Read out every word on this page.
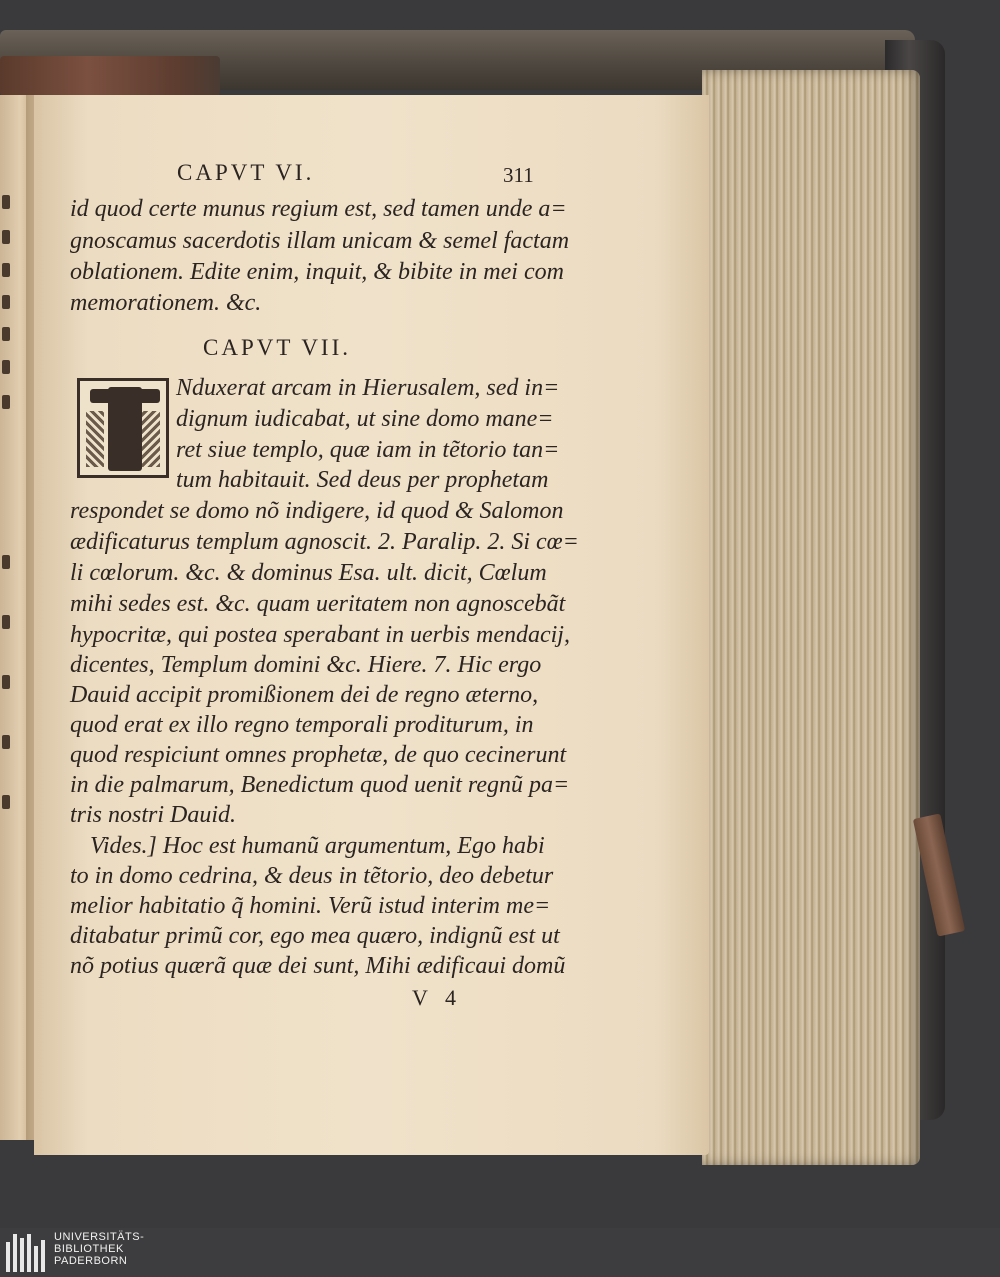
CAPVT VI.	311
id quod certe munus regium est, sed tamen unde a=
gnoscamus sacerdotis illam unicam & semel factam
oblationem. Edite enim, inquit, & bibite in mei com
memorationem. &c.
CAPVT VII.
Nduxerat arcam in Hierusalem, sed in=
dignum iudicabat, ut sine domo mane=
ret siue templo, quæ iam in tẽtorio tan=
tum habitauit. Sed deus per prophetam
respondet se domo nõ indigere, id quod & Salomon
ædificaturus templum agnoscit. 2. Paralip. 2. Si cœ=
li cœlorum. &c. & dominus Esa. ult. dicit, Cœlum
mihi sedes est. &c. quam ueritatem non agnoscebãt
hypocritæ, qui postea sperabant in uerbis mendacij,
dicentes, Templum domini &c. Hiere. 7. Hic ergo
Dauid accipit promißionem dei de regno æterno,
quod erat ex illo regno temporali proditurum, in
quod respiciunt omnes prophetæ, de quo cecinerunt
in die palmarum, Benedictum quod uenit regnũ pa=
tris nostri Dauid.
Vides.] Hoc est humanũ argumentum, Ego habi
to in domo cedrina, & deus in tẽtorio, deo debetur
melior habitatio q̃ homini. Verũ istud interim me=
ditabatur primũ cor, ego mea quæro, indignũ est ut
nõ potius quærã quæ dei sunt, Mihi ædificaui domũ
V 4
UNIVERSITÄTS-
BIBLIOTHEK
PADERBORN
